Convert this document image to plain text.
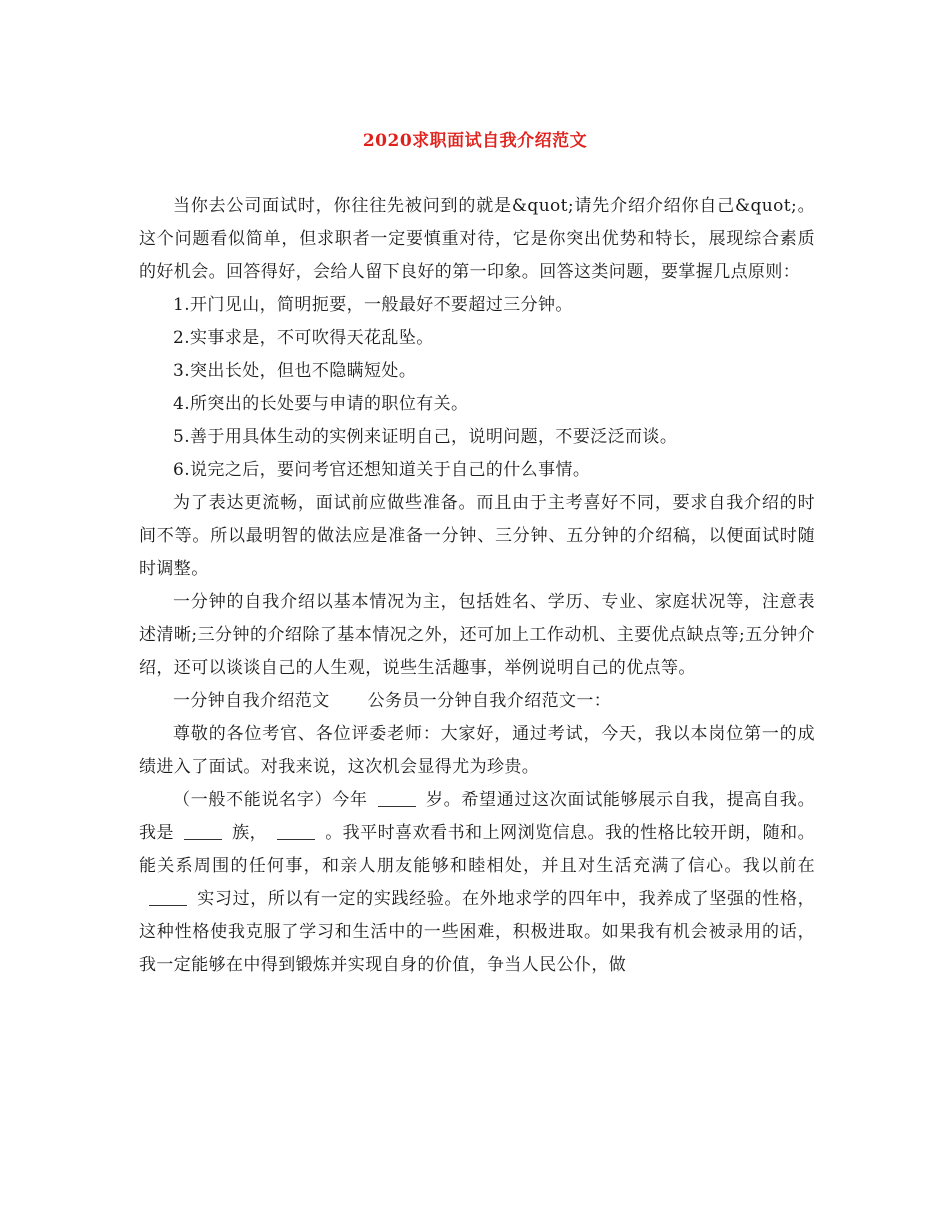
2020求职面试自我介绍范文

当你去公司面试时，你往往先被问到的就是&quot;请先介绍介绍你自己&quot;。这个问题看似简单，但求职者一定要慎重对待，它是你突出优势和特长，展现综合素质的好机会。回答得好，会给人留下良好的第一印象。回答这类问题，要掌握几点原则：

1.开门见山，简明扼要，一般最好不要超过三分钟。

2.实事求是，不可吹得天花乱坠。

3.突出长处，但也不隐瞒短处。

4.所突出的长处要与申请的职位有关。

5.善于用具体生动的实例来证明自己，说明问题，不要泛泛而谈。

6.说完之后，要问考官还想知道关于自己的什么事情。

为了表达更流畅，面试前应做些准备。而且由于主考喜好不同，要求自我介绍的时间不等。所以最明智的做法应是准备一分钟、三分钟、五分钟的介绍稿，以便面试时随时调整。

一分钟的自我介绍以基本情况为主，包括姓名、学历、专业、家庭状况等，注意表述清晰;三分钟的介绍除了基本情况之外，还可加上工作动机、主要优点缺点等;五分钟介绍，还可以谈谈自己的人生观，说些生活趣事，举例说明自己的优点等。

一分钟自我介绍范文 公务员一分钟自我介绍范文一：

尊敬的各位考官、各位评委老师：大家好，通过考试，今天，我以本岗位第一的成绩进入了面试。对我来说，这次机会显得尤为珍贵。

（一般不能说名字）今年	岁。希望通过这次面试能够展示自我，提高自我。我是	族，	。我平时喜欢看书和上网浏览信息。我的性格比较开朗，随和。能关系周围的任何事，和亲人朋友能够和睦相处，并且对生活充满了信心。我以前在实习过，所以有一定的实践经验。在外地求学的四年中，我养成了坚强的性格，这种性格使我克服了学习和生活中的一些困难，积极进取。如果我有机会被录用的话，我一定能够在中得到锻炼并实现自身的价值，争当人民公仆，做
